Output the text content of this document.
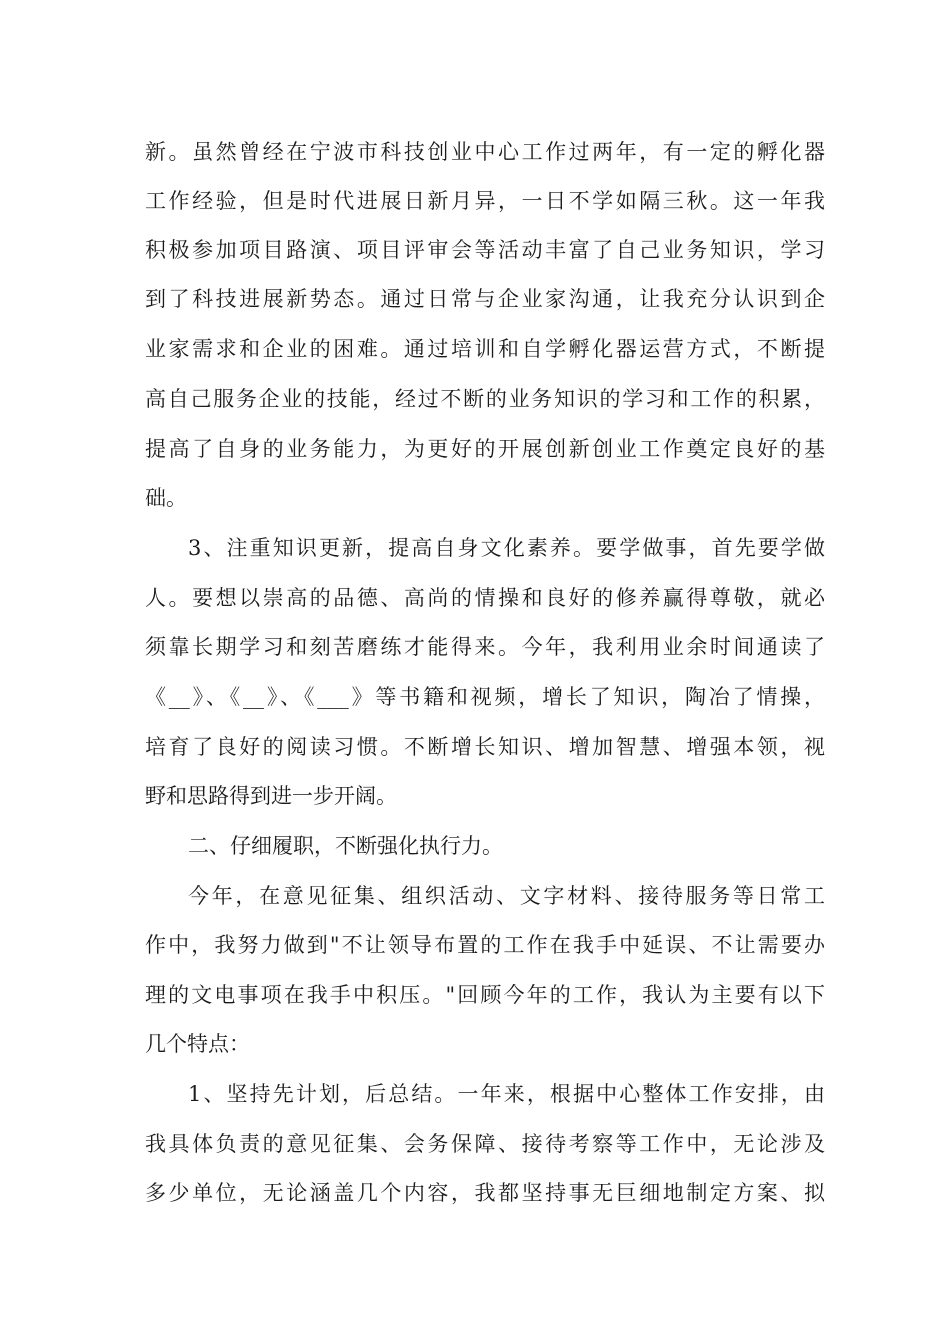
新。虽然曾经在宁波市科技创业中心工作过两年，有一定的孵化器
工作经验，但是时代进展日新月异，一日不学如隔三秋。这一年我
积极参加项目路演、项目评审会等活动丰富了自己业务知识，学习
到了科技进展新势态。通过日常与企业家沟通，让我充分认识到企
业家需求和企业的困难。通过培训和自学孵化器运营方式，不断提
高自己服务企业的技能，经过不断的业务知识的学习和工作的积累，
提高了自身的业务能力，为更好的开展创新创业工作奠定良好的基
础。
3、注重知识更新，提高自身文化素养。要学做事，首先要学做
人。要想以崇高的品德、高尚的情操和良好的修养赢得尊敬，就必
须靠长期学习和刻苦磨练才能得来。今年，我利用业余时间通读了
《__》、《__》、《___》等书籍和视频，增长了知识，陶冶了情操，
培育了良好的阅读习惯。不断增长知识、增加智慧、增强本领，视
野和思路得到进一步开阔。
二、仔细履职，不断强化执行力。
今年，在意见征集、组织活动、文字材料、接待服务等日常工
作中，我努力做到"不让领导布置的工作在我手中延误、不让需要办
理的文电事项在我手中积压。"回顾今年的工作，我认为主要有以下
几个特点：
1、坚持先计划，后总结。一年来，根据中心整体工作安排，由
我具体负责的意见征集、会务保障、接待考察等工作中，无论涉及
多少单位，无论涵盖几个内容，我都坚持事无巨细地制定方案、拟
